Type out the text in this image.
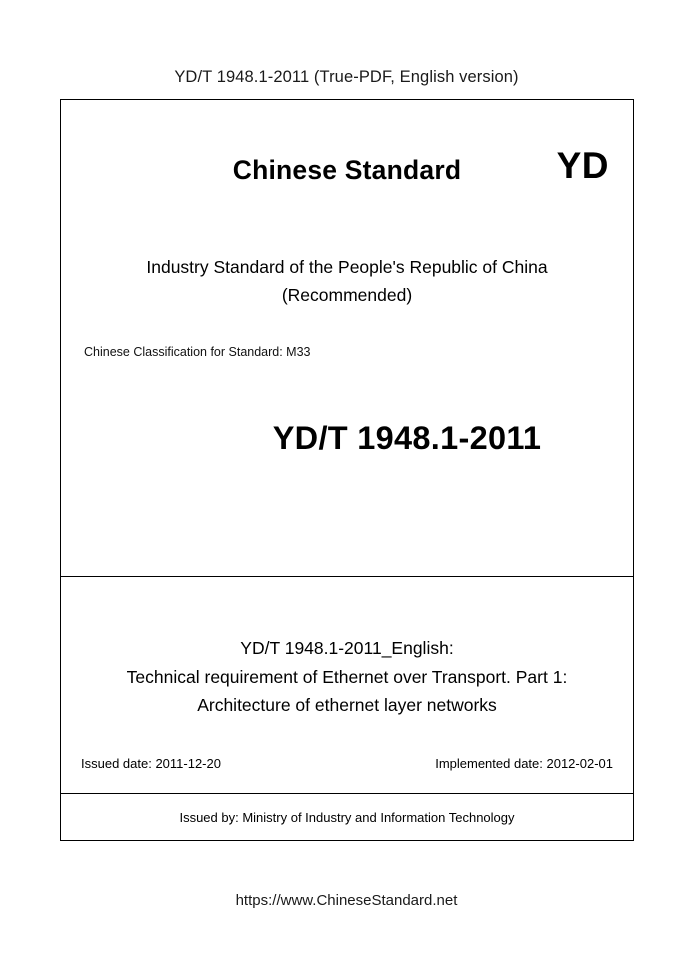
YD/T 1948.1-2011 (True-PDF, English version)
Chinese Standard	YD
Industry Standard of the People's Republic of China
(Recommended)
Chinese Classification for Standard: M33
YD/T 1948.1-2011
YD/T 1948.1-2011_English:
Technical requirement of Ethernet over Transport. Part 1:
Architecture of ethernet layer networks
Issued date: 2011-12-20	Implemented date: 2012-02-01
Issued by: Ministry of Industry and Information Technology
https://www.ChineseStandard.net
